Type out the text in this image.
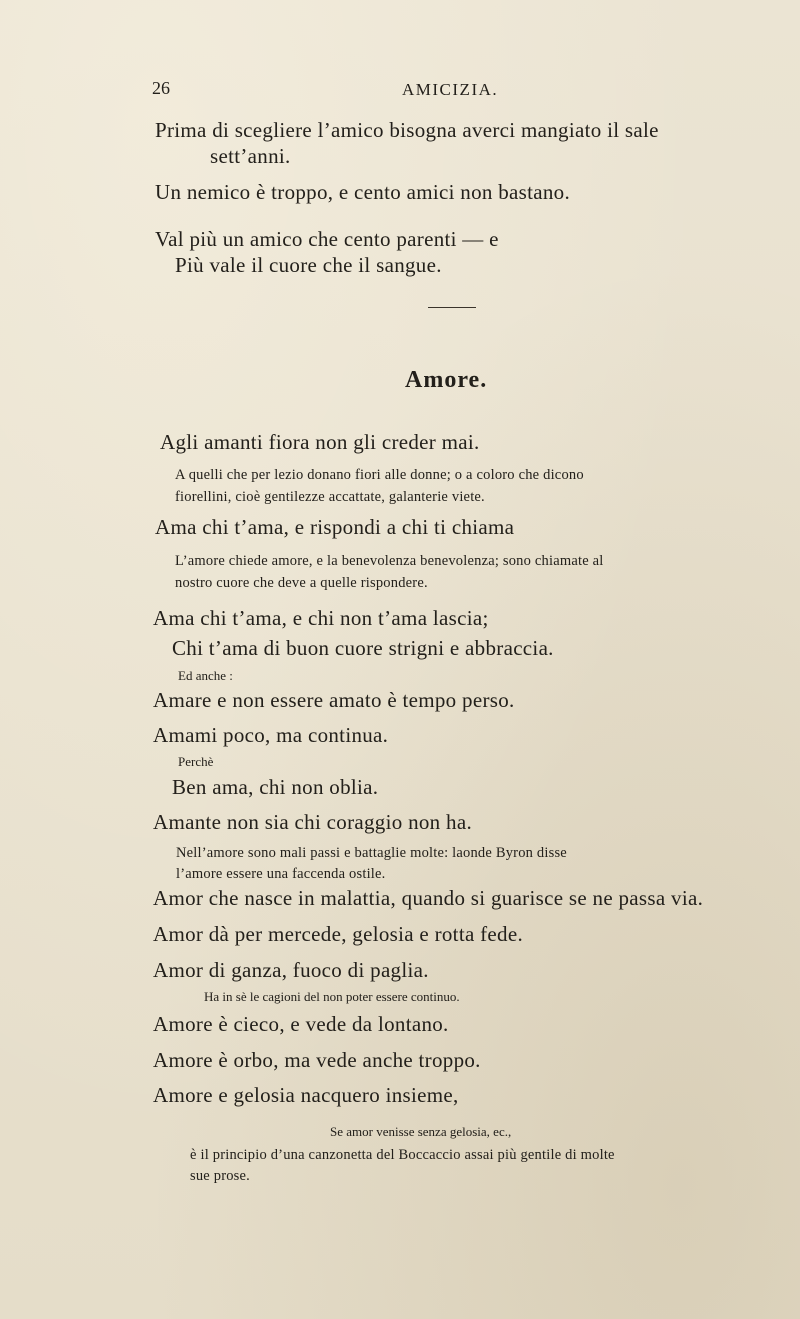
26	AMICIZIA.
Prima di scegliere l’amico bisogna averci mangiato il sale
sett’anni.
Un nemico è troppo, e cento amici non bastano.
Val più un amico che cento parenti — e
Più vale il cuore che il sangue.
Amore.
Agli amanti fiora non gli creder mai.
A quelli che per lezio donano fiori alle donne; o a coloro che dicono
fiorellini, cioè gentilezze accattate, galanterie viete.
Ama chi t’ama, e rispondi a chi ti chiama
L’amore chiede amore, e la benevolenza benevolenza; sono chiamate al
nostro cuore che deve a quelle rispondere.
Ama chi t’ama, e chi non t’ama lascia;
Chi t’ama di buon cuore strigni e abbraccia.
Ed anche :
Amare e non essere amato è tempo perso.
Amami poco, ma continua.
Perchè
Ben ama, chi non oblia.
Amante non sia chi coraggio non ha.
Nell’amore sono mali passi e battaglie molte: laonde Byron disse
l’amore essere una faccenda ostile.
Amor che nasce in malattia, quando si guarisce se ne passa via.
Amor dà per mercede, gelosia e rotta fede.
Amor di ganza, fuoco di paglia.
Ha in sè le cagioni del non poter essere continuo.
Amore è cieco, e vede da lontano.
Amore è orbo, ma vede anche troppo.
Amore e gelosia nacquero insieme,
Se amor venisse senza gelosia, ec.,
è il principio d’una canzonetta del Boccaccio assai più gentile di molte
sue prose.
